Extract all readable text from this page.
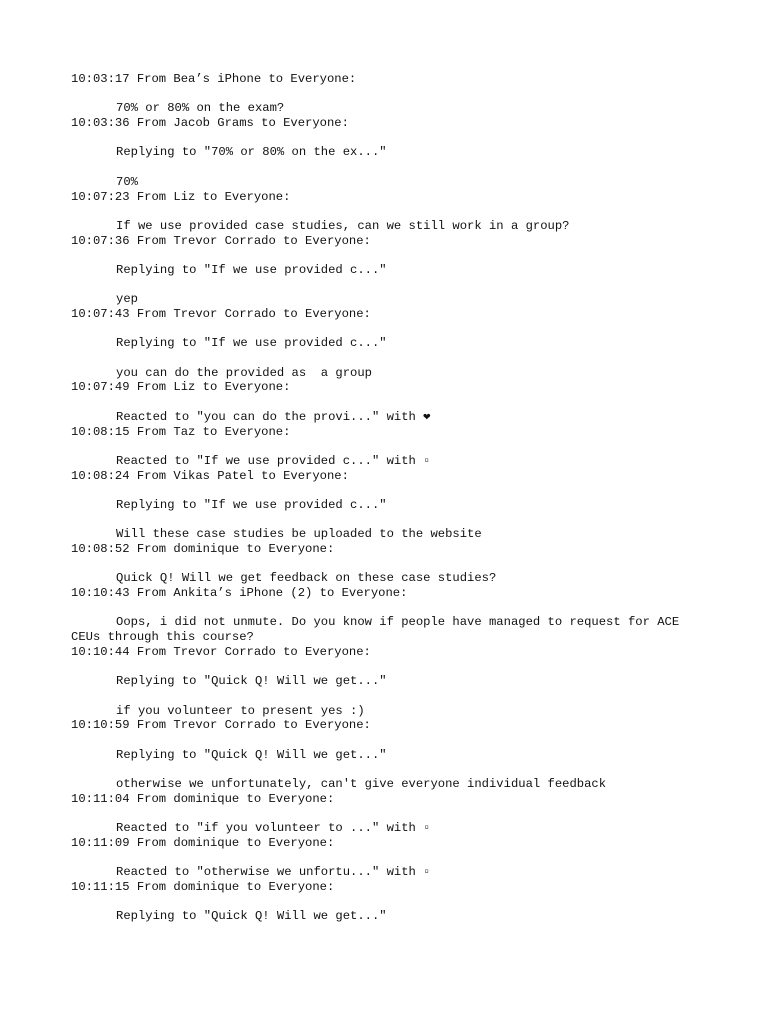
10:03:17 From Bea’s iPhone to Everyone:
70% or 80% on the exam?
10:03:36 From Jacob Grams to Everyone:
Replying to "70% or 80% on the ex..."
70%
10:07:23 From Liz to Everyone:
If we use provided case studies, can we still work in a group?
10:07:36 From Trevor Corrado to Everyone:
Replying to "If we use provided c..."
yep
10:07:43 From Trevor Corrado to Everyone:
Replying to "If we use provided c..."
you can do the provided as  a group
10:07:49 From Liz to Everyone:
Reacted to "you can do the provi..." with ❤
10:08:15 From Taz to Everyone:
Reacted to "If we use provided c..." with ▫
10:08:24 From Vikas Patel to Everyone:
Replying to "If we use provided c..."
Will these case studies be uploaded to the website
10:08:52 From dominique to Everyone:
Quick Q! Will we get feedback on these case studies?
10:10:43 From Ankita’s iPhone (2) to Everyone:
Oops, i did not unmute. Do you know if people have managed to request for ACE
CEUs through this course?
10:10:44 From Trevor Corrado to Everyone:
Replying to "Quick Q! Will we get..."
if you volunteer to present yes :)
10:10:59 From Trevor Corrado to Everyone:
Replying to "Quick Q! Will we get..."
otherwise we unfortunately, can't give everyone individual feedback
10:11:04 From dominique to Everyone:
Reacted to "if you volunteer to ..." with ▫
10:11:09 From dominique to Everyone:
Reacted to "otherwise we unfortu..." with ▫
10:11:15 From dominique to Everyone:
Replying to "Quick Q! Will we get..."
